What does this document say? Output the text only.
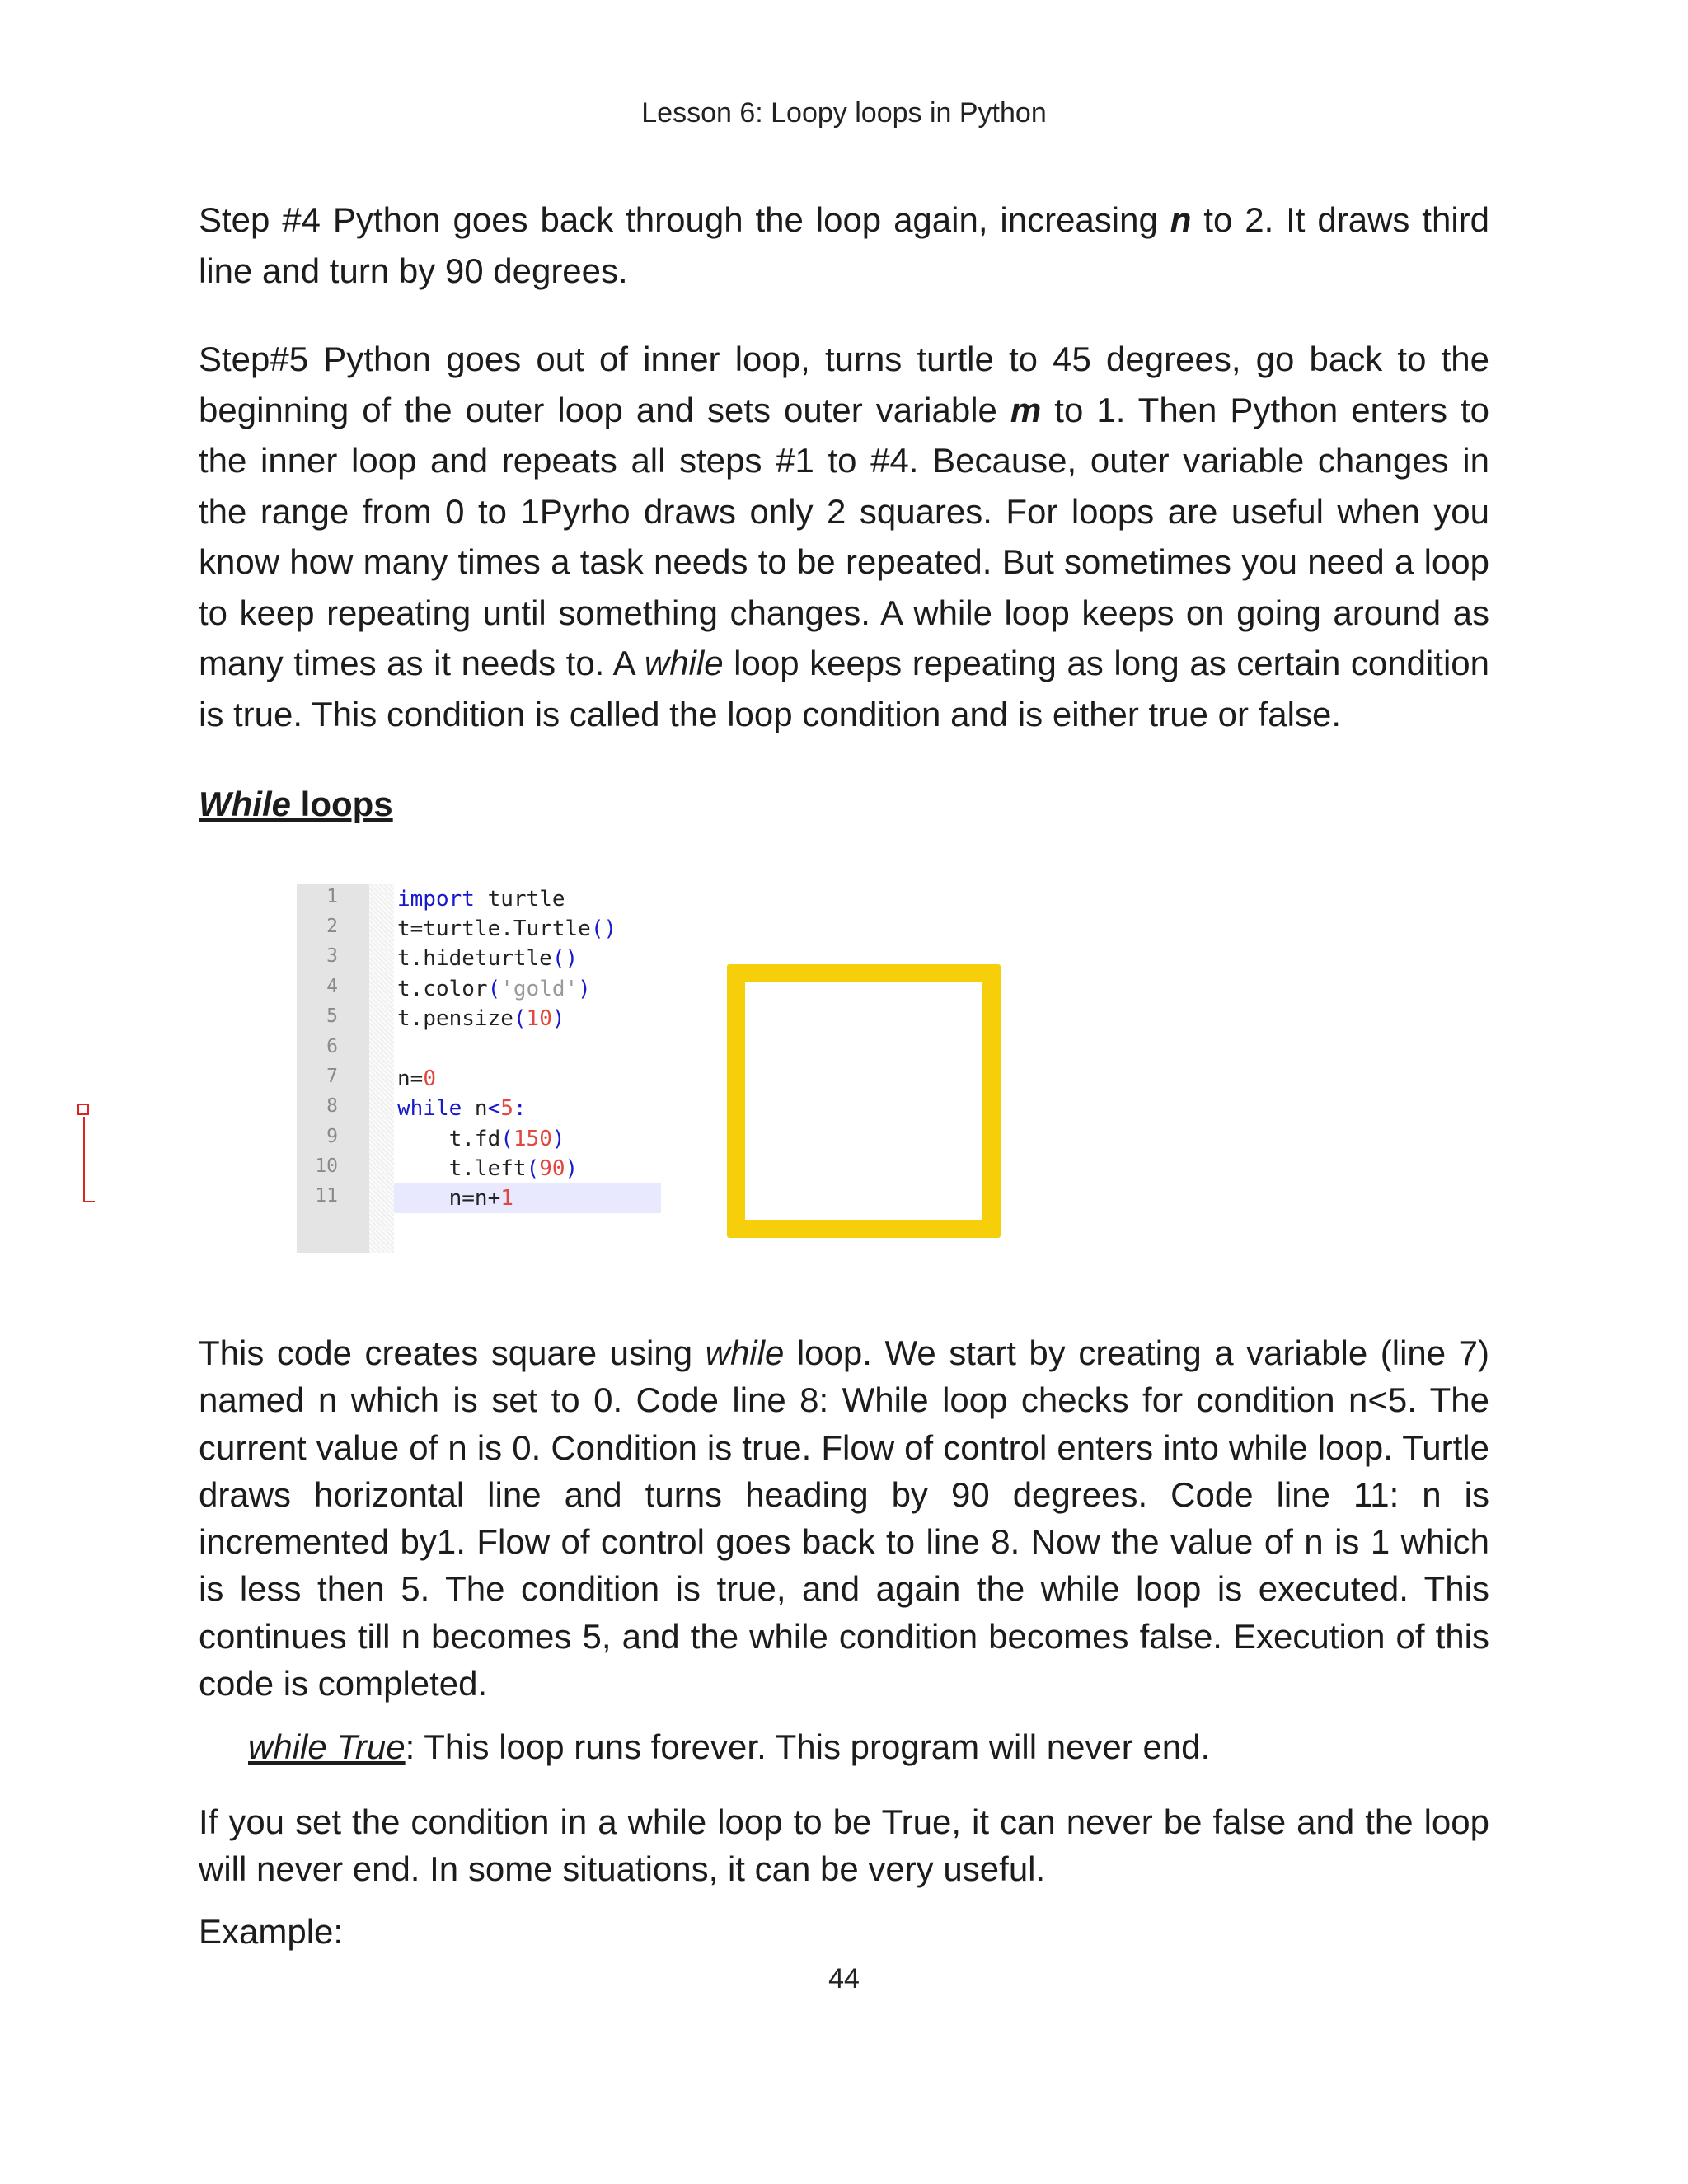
Lesson 6: Loopy loops in Python

Step #4 Python goes back through the loop again, increasing n to 2. It draws third line and turn by 90 degrees.

Step#5 Python goes out of inner loop, turns turtle to 45 degrees, go back to the beginning of the outer loop and sets outer variable m to 1. Then Python enters to the inner loop and repeats all steps #1 to #4. Because, outer variable changes in the range from 0 to 1Pyrho draws only 2 squares. For loops are useful when you know how many times a task needs to be repeated. But sometimes you need a loop to keep repeating until something changes. A while loop keeps on going around as many times as it needs to. A while loop keeps repeating as long as certain condition is true. This condition is called the loop condition and is either true or false.

While loops
1
2
3
4
5
6
7
8
9
10
11
import turtle
t=turtle.Turtle()
t.hideturtle()
t.color('gold')
t.pensize(10)
n=0
while n<5:
t.fd(150)
t.left(90)
n=n+1

This code creates square using while loop. We start by creating a variable (line 7) named n which is set to 0. Code line 8: While loop checks for condition n<5. The current value of n is 0. Condition is true. Flow of control enters into while loop. Turtle draws horizontal line and turns heading by 90 degrees. Code line 11: n is incremented by1. Flow of control goes back to line 8. Now the value of n is 1 which is less then 5. The condition is true, and again the while loop is executed. This continues till n becomes 5, and the while condition becomes false. Execution of this code is completed.

while True: This loop runs forever. This program will never end.

If you set the condition in a while loop to be True, it can never be false and the loop will never end. In some situations, it can be very useful.

Example:

44
